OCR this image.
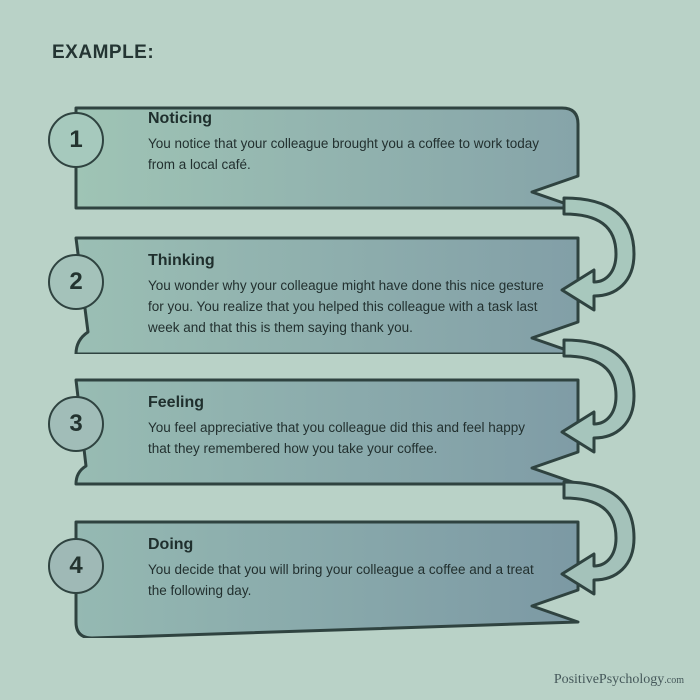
EXAMPLE:
1

Noticing

You notice that your colleague brought you a coffee to work today from a local café.

2

Thinking

You wonder why your colleague might have done this nice gesture for you. You realize that you helped this colleague with a task last week and that this is them saying thank you.

3

Feeling

You feel appreciative that you colleague did this and feel happy that they remembered how you take your coffee.

4

Doing

You decide that you will bring your colleague a coffee and a treat the following day.

PositivePsychology.com
